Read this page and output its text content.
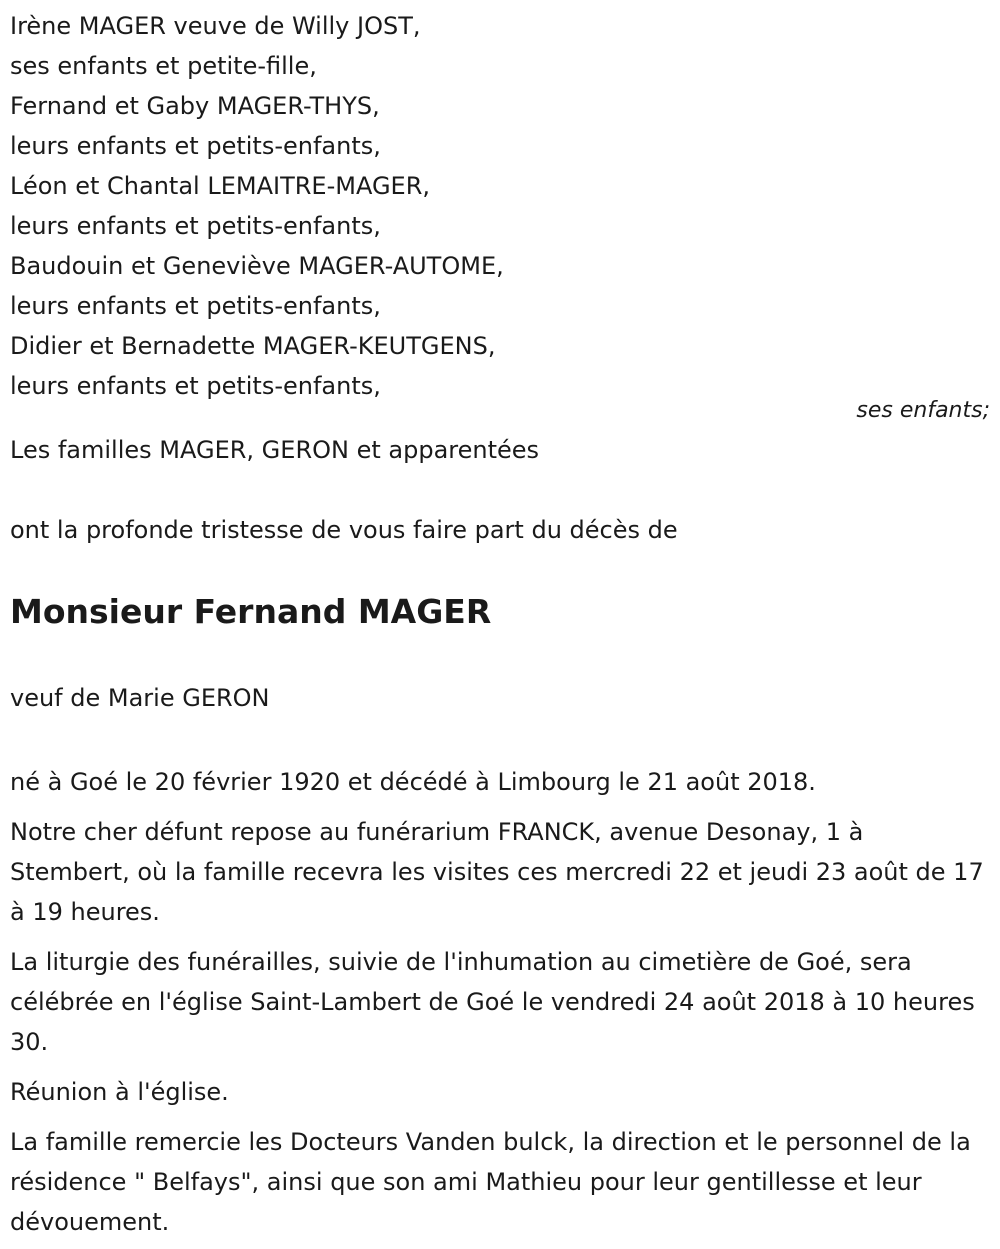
Irène MAGER veuve de Willy JOST,

ses enfants et petite-fille,

Fernand et Gaby MAGER-THYS,

leurs enfants et petits-enfants,

Léon et Chantal LEMAITRE-MAGER,

leurs enfants et petits-enfants,

Baudouin et Geneviève MAGER-AUTOME,

leurs enfants et petits-enfants,

Didier et Bernadette MAGER-KEUTGENS,

leurs enfants et petits-enfants,

ses enfants;

Les familles MAGER, GERON et apparentées

ont la profonde tristesse de vous faire part du décès de

Monsieur Fernand MAGER

veuf de Marie GERON

né à Goé le 20 février 1920 et décédé à Limbourg le 21 août 2018.

Notre cher défunt repose au funérarium FRANCK, avenue Desonay, 1 à Stembert, où la famille recevra les visites ces mercredi 22 et jeudi 23 août de 17 à 19 heures.

La liturgie des funérailles, suivie de l'inhumation au cimetière de Goé, sera célébrée en l'église Saint-Lambert de Goé le vendredi 24 août 2018 à 10 heures 30.

Réunion à l'église.

La famille remercie les Docteurs Vanden bulck, la direction et le personnel de la résidence " Belfays", ainsi que son ami Mathieu pour leur gentillesse et leur dévouement.
